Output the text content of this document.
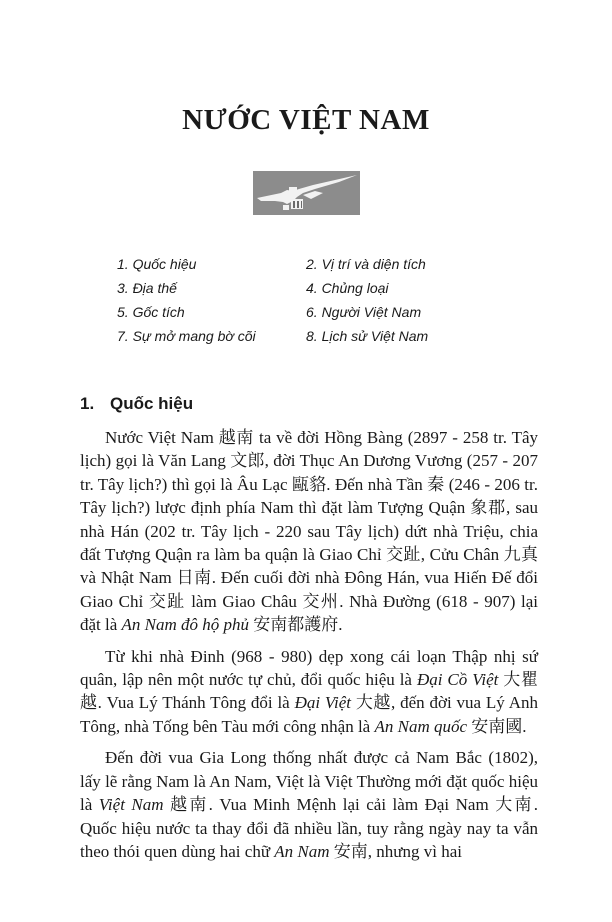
NƯỚC VIỆT NAM
1. Quốc hiệu	2. Vị trí và diện tích
3. Địa thế	4. Chủng loại
5. Gốc tích	6. Người Việt Nam
7. Sự mở mang bờ cõi	8. Lịch sử Việt Nam
1. Quốc hiệu

Nước Việt Nam 越南 ta về đời Hồng Bàng (2897 - 258 tr. Tây lịch) gọi là Văn Lang 文郎, đời Thục An Dương Vương (257 - 207 tr. Tây lịch?) thì gọi là Âu Lạc 甌貉. Đến nhà Tần 秦 (246 - 206 tr. Tây lịch?) lược định phía Nam thì đặt làm Tượng Quận 象郡, sau nhà Hán (202 tr. Tây lịch - 220 sau Tây lịch) dứt nhà Triệu, chia đất Tượng Quận ra làm ba quận là Giao Chỉ 交趾, Cửu Chân 九真 và Nhật Nam 日南. Đến cuối đời nhà Đông Hán, vua Hiến Đế đổi Giao Chỉ 交趾 làm Giao Châu 交州. Nhà Đường (618 - 907) lại đặt là An Nam đô hộ phủ 安南都護府.

Từ khi nhà Đinh (968 - 980) dẹp xong cái loạn Thập nhị sứ quân, lập nên một nước tự chủ, đổi quốc hiệu là Đại Cồ Việt 大瞿越. Vua Lý Thánh Tông đổi là Đại Việt 大越, đến đời vua Lý Anh Tông, nhà Tống bên Tàu mới công nhận là An Nam quốc 安南國.

Đến đời vua Gia Long thống nhất được cả Nam Bắc (1802), lấy lẽ rằng Nam là An Nam, Việt là Việt Thường mới đặt quốc hiệu là Việt Nam 越南. Vua Minh Mệnh lại cải làm Đại Nam 大南. Quốc hiệu nước ta thay đổi đã nhiều lần, tuy rằng ngày nay ta vẫn theo thói quen dùng hai chữ An Nam 安南, nhưng vì hai
